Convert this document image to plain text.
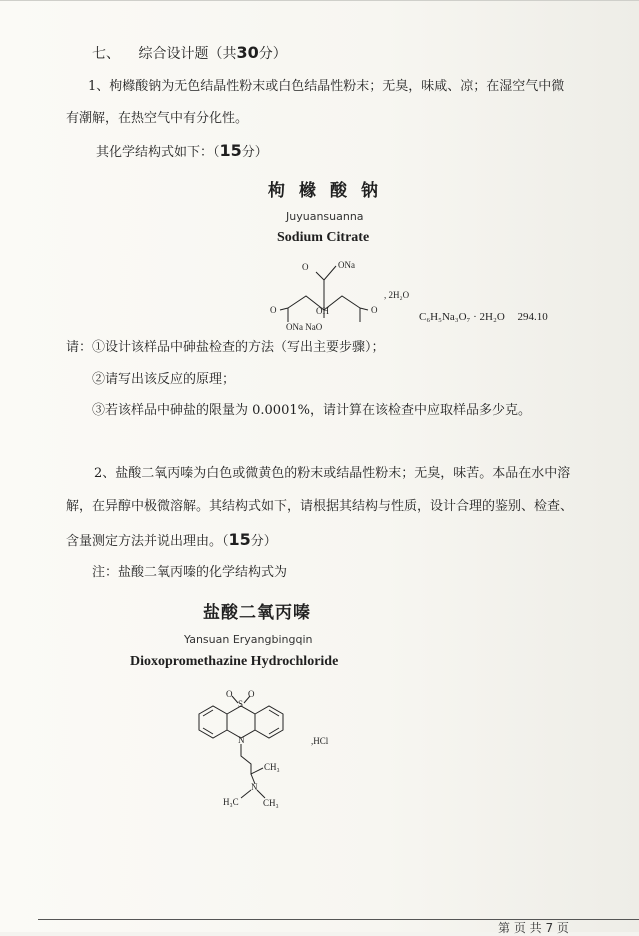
七、 综合设计题（共30分）
1、枸橼酸钠为无色结晶性粉末或白色结晶性粉末；无臭，味咸、凉；在湿空气中微
有潮解，在热空气中有分化性。
其化学结构式如下：（15分）
枸橼酸钠
Juyuansuanna
Sodium Citrate
O	ONa
O	OH	O
ONa NaO
, 2H₂O
C₆H₅Na₃O₇ · 2H₂O 294.10
请：①设计该样品中砷盐检查的方法（写出主要步骤）；
②请写出该反应的原理；
③若该样品中砷盐的限量为 0.0001%，请计算在该检查中应取样品多少克。
2、盐酸二氧丙嗪为白色或微黄色的粉末或结晶性粉末；无臭，味苦。本品在水中溶
解，在异醇中极微溶解。其结构式如下，请根据其结构与性质，设计合理的鉴别、检查、
含量测定方法并说出理由。（15分）
注：盐酸二氧丙嗪的化学结构式为
盐酸二氧丙嗪
Yansuan Eryangbingqin
Dioxopromethazine Hydrochloride
O
S
O
N
CH₃
N
H₃C	CH₃
,HCl
第 页 共 7 页
